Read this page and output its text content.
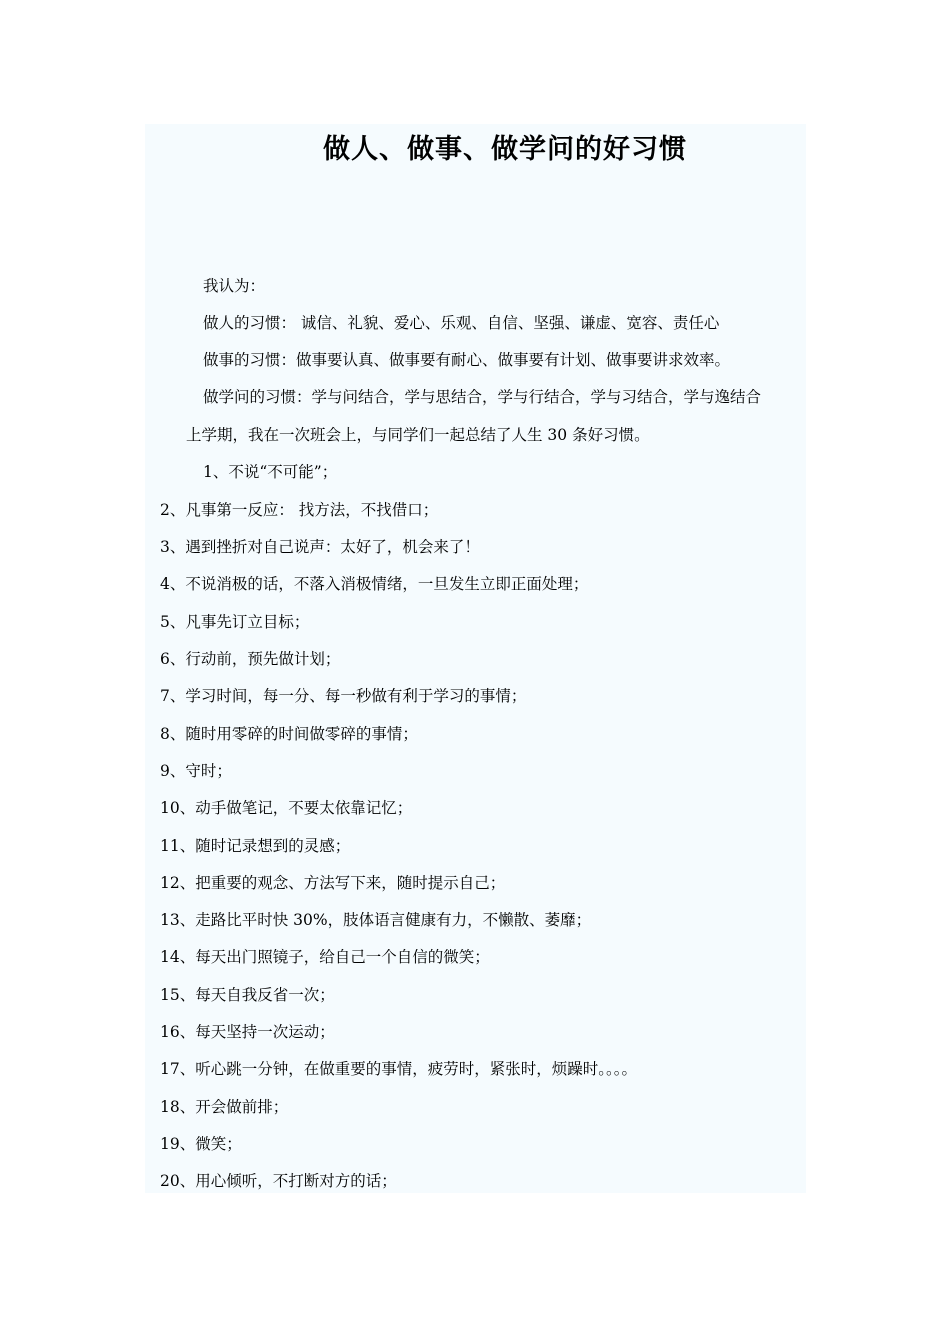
做人、做事、做学问的好习惯
我认为：
做人的习惯： 诚信、礼貌、爱心、乐观、自信、坚强、谦虚、宽容、责任心
做事的习惯：做事要认真、做事要有耐心、做事要有计划、做事要讲求效率。
做学问的习惯：学与问结合，学与思结合，学与行结合，学与习结合，学与逸结合
上学期，我在一次班会上，与同学们一起总结了人生 30 条好习惯。
1、不说“不可能”；
2、凡事第一反应： 找方法，不找借口；
3、遇到挫折对自己说声：太好了，机会来了！
4、不说消极的话，不落入消极情绪，一旦发生立即正面处理；
5、凡事先订立目标；
6、行动前，预先做计划；
7、学习时间，每一分、每一秒做有利于学习的事情；
8、随时用零碎的时间做零碎的事情；
9、守时；
10、动手做笔记，不要太依靠记忆；
11、随时记录想到的灵感；
12、把重要的观念、方法写下来，随时提示自己；
13、走路比平时快 30%，肢体语言健康有力，不懒散、萎靡；
14、每天出门照镜子，给自己一个自信的微笑；
15、每天自我反省一次；
16、每天坚持一次运动；
17、听心跳一分钟，在做重要的事情，疲劳时，紧张时，烦躁时。。。。
18、开会做前排；
19、微笑；
20、用心倾听，不打断对方的话；
